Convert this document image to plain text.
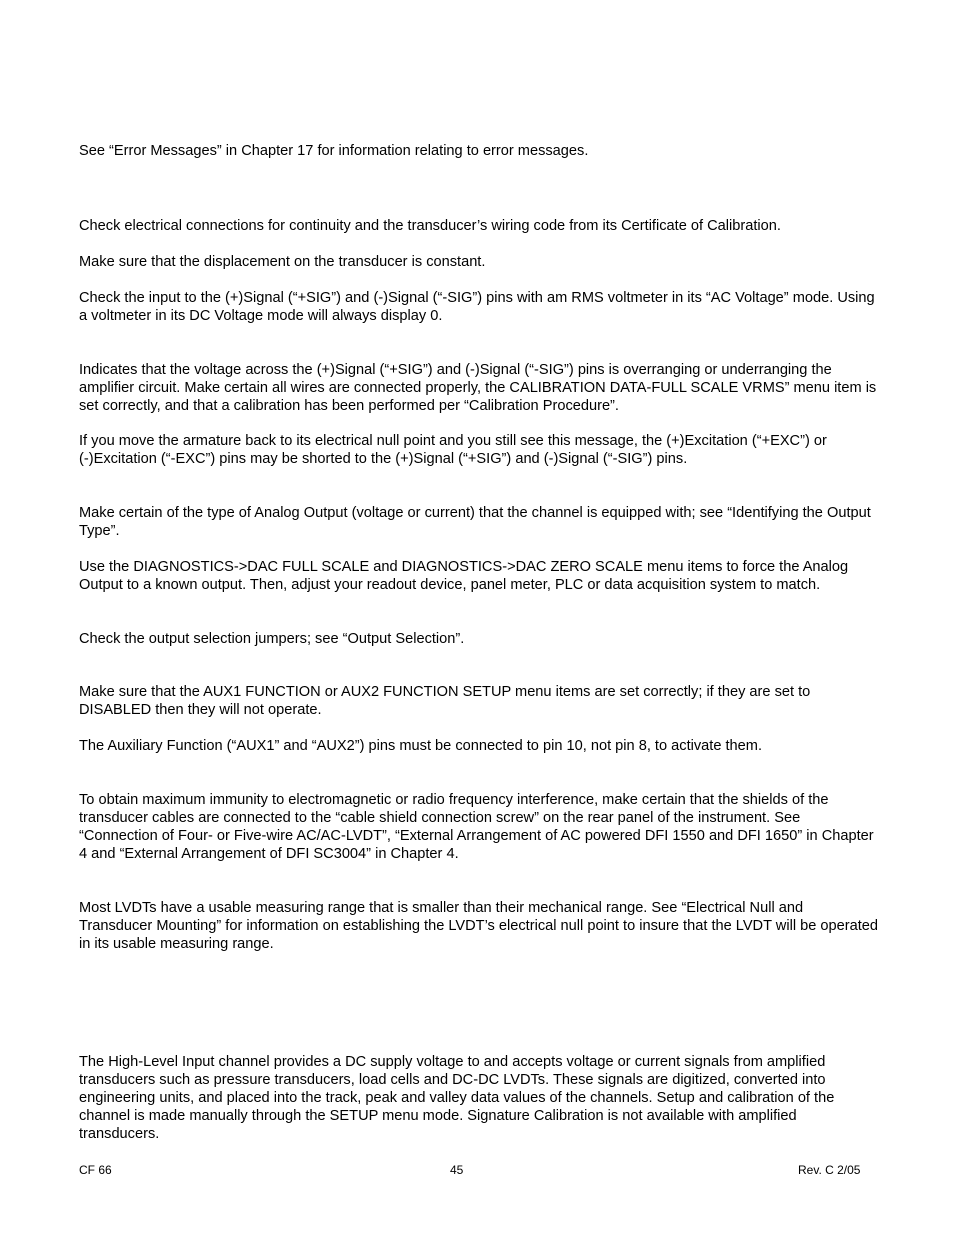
See “Error Messages” in Chapter 17 for information relating to error messages.

Check electrical connections for continuity and the transducer’s wiring code from its Certificate of Calibration.

Make sure that the displacement on the transducer is constant.

Check the input to the (+)Signal (“+SIG”) and (-)Signal (“-SIG”) pins with am RMS voltmeter in its “AC Voltage” mode. Using a voltmeter in its DC Voltage mode will always display 0.

Indicates that the voltage across the (+)Signal (“+SIG”) and (-)Signal (“-SIG”) pins is overranging or underranging the amplifier circuit. Make certain all wires are connected properly, the CALIBRATION DATA-FULL SCALE VRMS” menu item is set correctly, and that a calibration has been performed per “Calibration Procedure”.

If you move the armature back to its electrical null point and you still see this message, the (+)Excitation (“+EXC”) or (-)Excitation (“-EXC”) pins may be shorted to the (+)Signal (“+SIG”) and (-)Signal (“-SIG”) pins.

Make certain of the type of Analog Output (voltage or current) that the channel is equipped with; see “Identifying the Output Type”.

Use the DIAGNOSTICS->DAC FULL SCALE and DIAGNOSTICS->DAC ZERO SCALE menu items to force the Analog Output to a known output. Then, adjust your readout device, panel meter, PLC or data acquisition system to match.

Check the output selection jumpers; see “Output Selection”.

Make sure that the AUX1 FUNCTION or AUX2 FUNCTION SETUP menu items are set correctly; if they are set to DISABLED then they will not operate.

The Auxiliary Function (“AUX1” and “AUX2”) pins must be connected to pin 10, not pin 8, to activate them.

To obtain maximum immunity to electromagnetic or radio frequency interference, make certain that the shields of the transducer cables are connected to the “cable shield connection screw” on the rear panel of the instrument. See “Connection of Four- or Five-wire AC/AC-LVDT”, “External Arrangement of AC powered DFI 1550 and DFI 1650” in Chapter 4 and “External Arrangement of DFI SC3004” in Chapter 4.

Most LVDTs have a usable measuring range that is smaller than their mechanical range. See “Electrical Null and Transducer Mounting” for information on establishing the LVDT’s electrical null point to insure that the LVDT will be operated in its usable measuring range.

The High-Level Input channel provides a DC supply voltage to and accepts voltage or current signals from amplified transducers such as pressure transducers, load cells and DC-DC LVDTs. These signals are digitized, converted into engineering units, and placed into the track, peak and valley data values of the channels. Setup and calibration of the channel is made manually through the SETUP menu mode. Signature Calibration is not available with amplified transducers.

CF 66	45	Rev. C 2/05
